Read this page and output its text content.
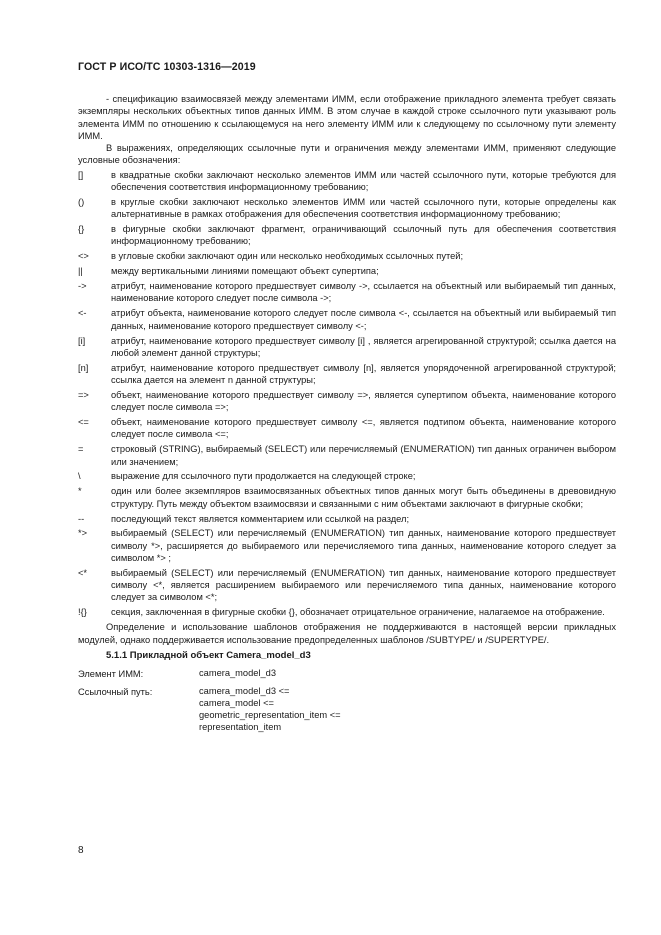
ГОСТ Р ИСО/ТС 10303-1316—2019

- спецификацию взаимосвязей между элементами ИММ, если отображение прикладного элемента требует связать экземпляры нескольких объектных типов данных ИММ. В этом случае в каждой строке ссылочного пути указывают роль элемента ИММ по отношению к ссылающемуся на него элементу ИММ или к следующему по ссылочному пути элементу ИММ.

В выражениях, определяющих ссылочные пути и ограничения между элементами ИММ, применяют следующие условные обозначения:

[]	в квадратные скобки заключают несколько элементов ИММ или частей ссылочного пути, которые требуются для обеспечения соответствия информационному требованию;
()	в круглые скобки заключают несколько элементов ИММ или частей ссылочного пути, которые определены как альтернативные в рамках отображения для обеспечения соответствия информационному требованию;
{}	в фигурные скобки заключают фрагмент, ограничивающий ссылочный путь для обеспечения соответствия информационному требованию;
<>	в угловые скобки заключают один или несколько необходимых ссылочных путей;
||	между вертикальными линиями помещают объект супертипа;
->	атрибут, наименование которого предшествует символу ->, ссылается на объектный или выбираемый тип данных, наименование которого следует после символа ->;
<-	атрибут объекта, наименование которого следует после символа <-, ссылается на объектный или выбираемый тип данных, наименование которого предшествует символу <-;
[i]	атрибут, наименование которого предшествует символу [i] , является агрегированной структурой; ссылка дается на любой элемент данной структуры;
[n]	атрибут, наименование которого предшествует символу [n], является упорядоченной агрегированной структурой; ссылка дается на элемент n данной структуры;
=>	объект, наименование которого предшествует символу =>, является супертипом объекта, наименование которого следует после символа =>;
<=	объект, наименование которого предшествует символу <=, является подтипом объекта, наименование которого следует после символа <=;
=	строковый (STRING), выбираемый (SELECT) или перечисляемый (ENUMERATION) тип данных ограничен выбором или значением;
\	выражение для ссылочного пути продолжается на следующей строке;
*	один или более экземпляров взаимосвязанных объектных типов данных могут быть объединены в древовидную структуру. Путь между объектом взаимосвязи и связанными с ним объектами заключают в фигурные скобки;
--	последующий текст является комментарием или ссылкой на раздел;
*>	выбираемый (SELECT) или перечисляемый (ENUMERATION) тип данных, наименование которого предшествует символу *>, расширяется до выбираемого или перечисляемого типа данных, наименование которого следует за символом *> ;
<*	выбираемый (SELECT) или перечисляемый (ENUMERATION) тип данных, наименование которого предшествует символу <*, является расширением выбираемого или перечисляемого типа данных, наименование которого следует за символом <*;
!{}	секция, заключенная в фигурные скобки {}, обозначает отрицательное ограничение, налагаемое на отображение.

Определение и использование шаблонов отображения не поддерживаются в настоящей версии прикладных модулей, однако поддерживается использование предопределенных шаблонов /SUBTYPE/ и /SUPERTYPE/.

5.1.1 Прикладной объект Camera_model_d3
Элемент ИММ:	camera_model_d3
Ссылочный путь:	camera_model_d3 <=
camera_model <=
geometric_representation_item <=
representation_item
8
